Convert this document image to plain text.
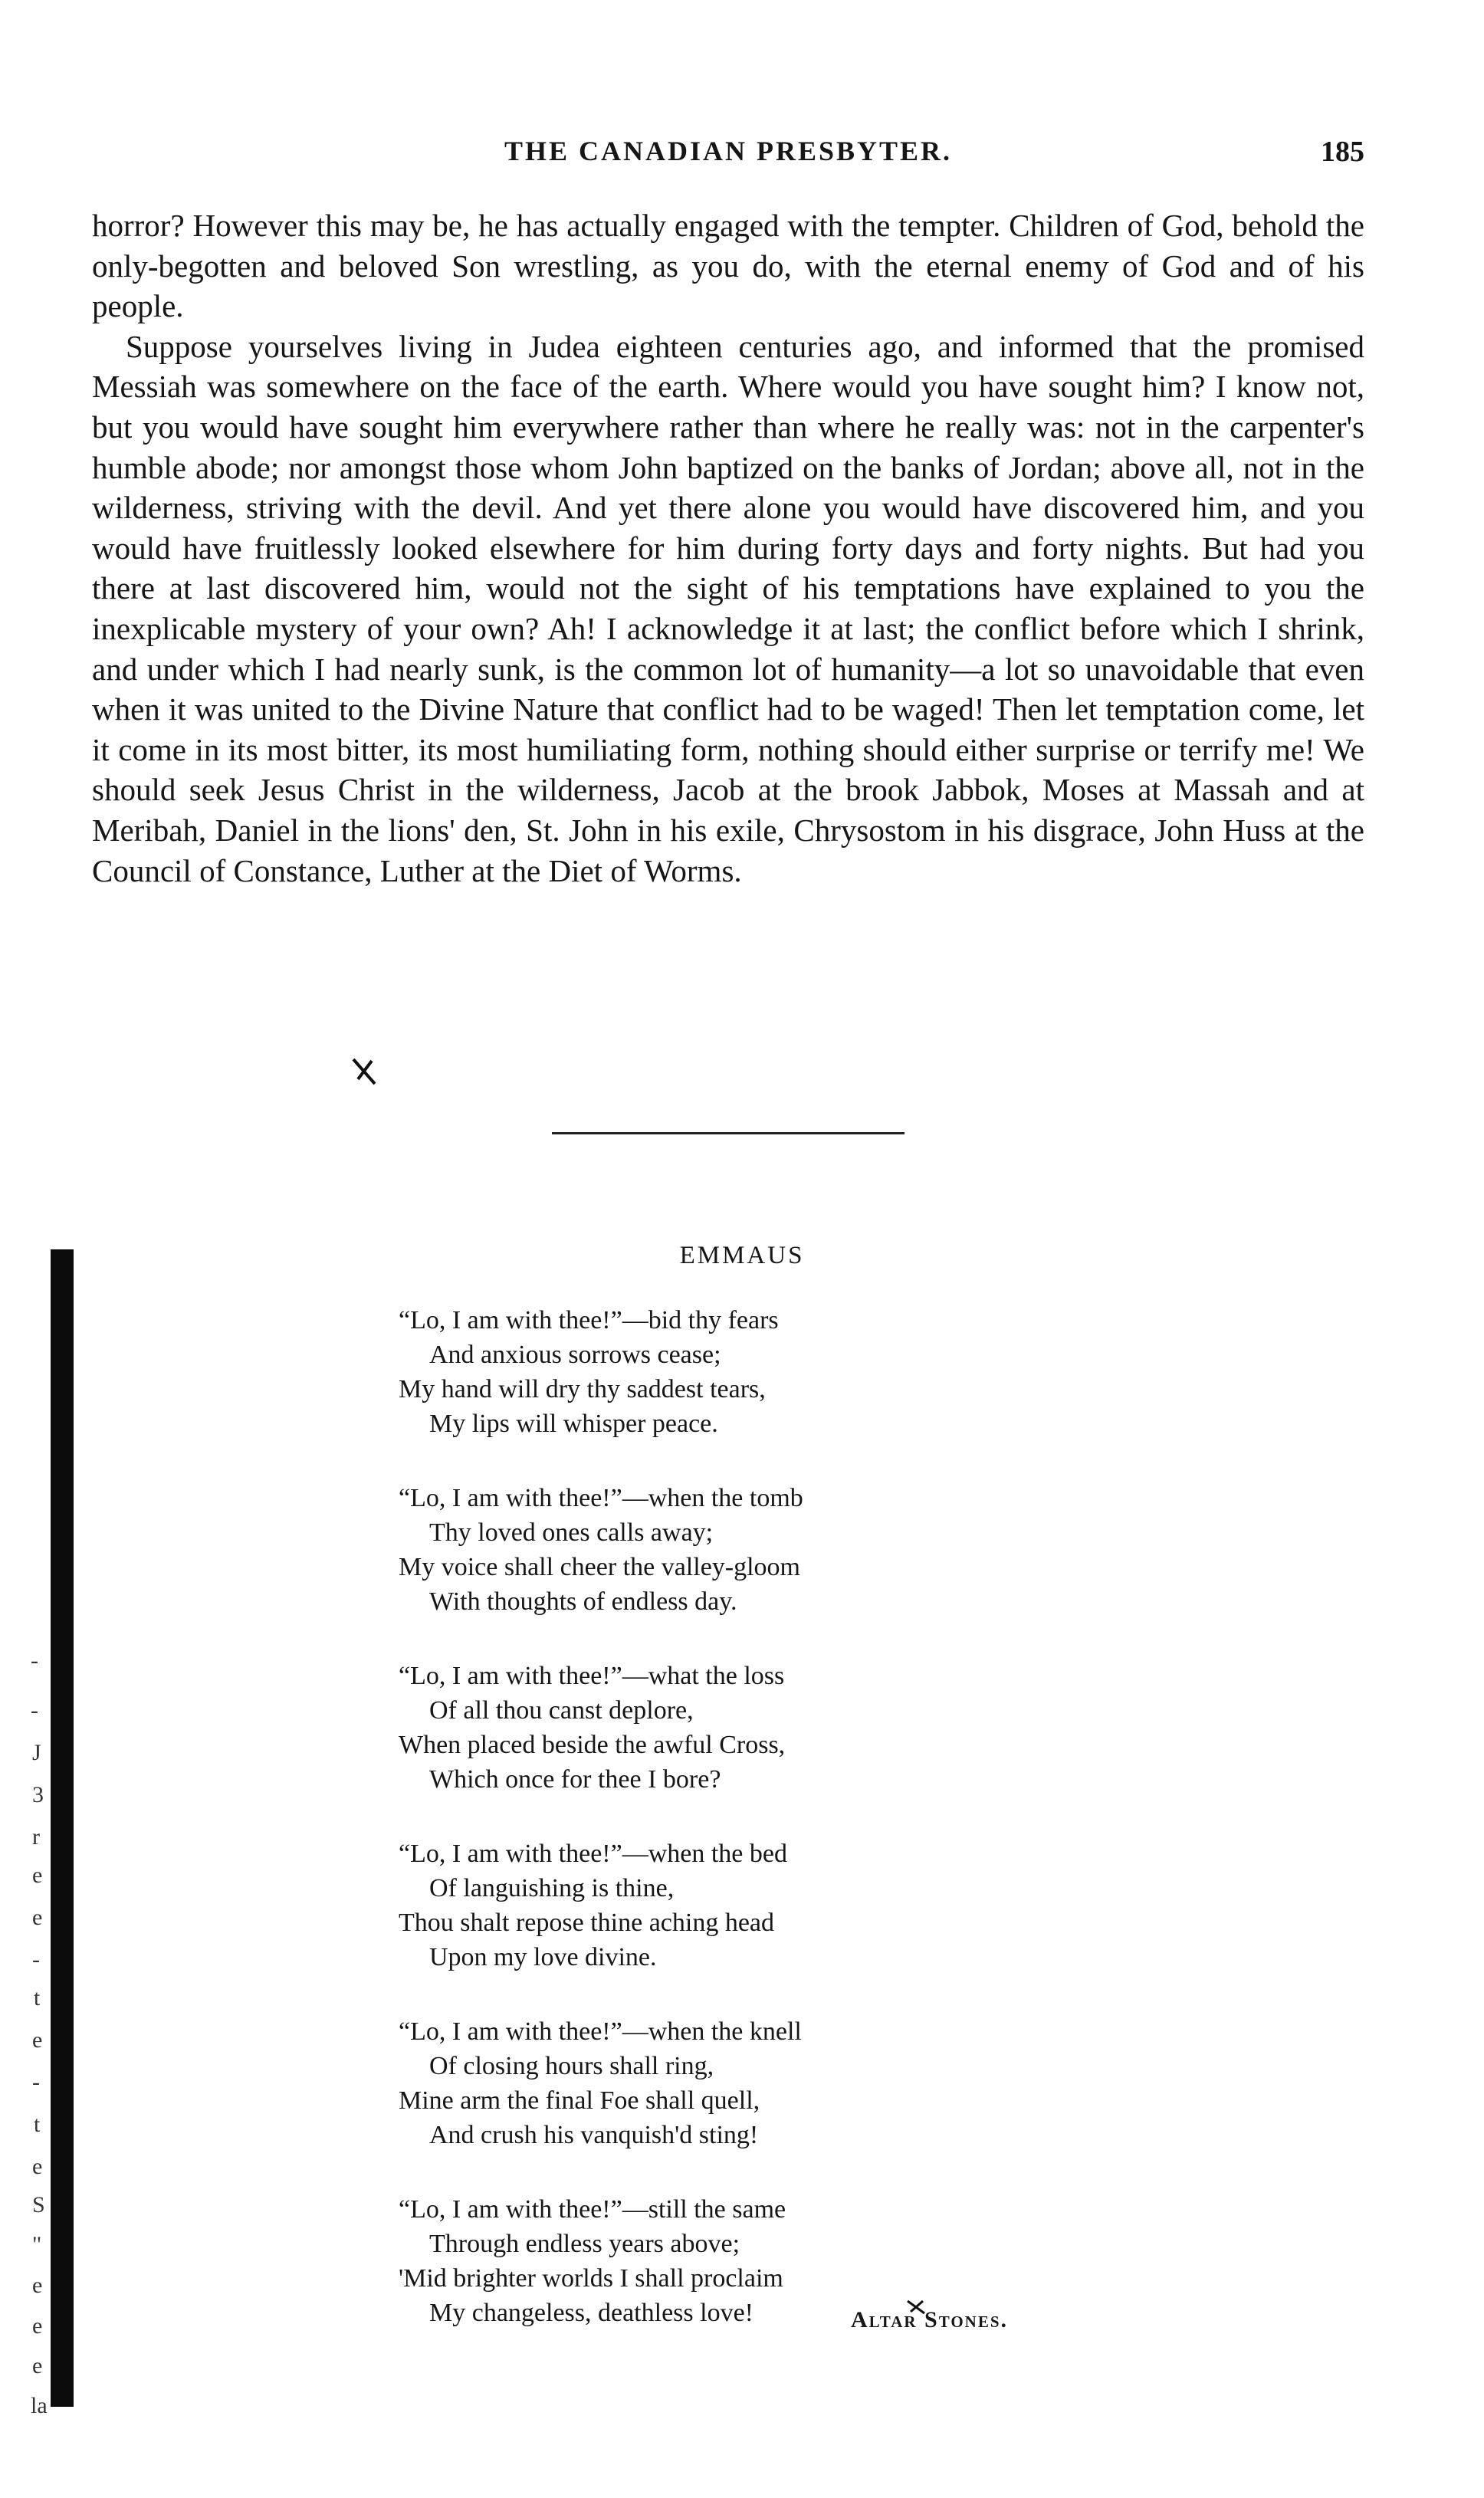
THE CANADIAN PRESBYTER.	185

horror? However this may be, he has actually engaged with the tempter. Children of God, behold the only-begotten and beloved Son wrestling, as you do, with the eternal enemy of God and of his people.

Suppose yourselves living in Judea eighteen centuries ago, and informed that the promised Messiah was somewhere on the face of the earth. Where would you have sought him? I know not, but you would have sought him everywhere rather than where he really was: not in the carpenter's humble abode; nor amongst those whom John baptized on the banks of Jordan; above all, not in the wilderness, striving with the devil. And yet there alone you would have discovered him, and you would have fruitlessly looked elsewhere for him during forty days and forty nights. But had you there at last discovered him, would not the sight of his temptations have explained to you the inexplicable mystery of your own? Ah! I acknowledge it at last; the conflict before which I shrink, and under which I had nearly sunk, is the common lot of humanity—a lot so unavoidable that even when it was united to the Divine Nature that conflict had to be waged! Then let temptation come, let it come in its most bitter, its most humiliating form, nothing should either surprise or terrify me! We should seek Jesus Christ in the wilderness, Jacob at the brook Jabbok, Moses at Massah and at Meribah, Daniel in the lions' den, St. John in his exile, Chrysostom in his disgrace, John Huss at the Council of Constance, Luther at the Diet of Worms.

EMMAUS
“Lo, I am with thee!”—bid thy fears
And anxious sorrows cease;
My hand will dry thy saddest tears,
My lips will whisper peace.
“Lo, I am with thee!”—when the tomb
Thy loved ones calls away;
My voice shall cheer the valley-gloom
With thoughts of endless day.
“Lo, I am with thee!”—what the loss
Of all thou canst deplore,
When placed beside the awful Cross,
Which once for thee I bore?
“Lo, I am with thee!”—when the bed
Of languishing is thine,
Thou shalt repose thine aching head
Upon my love divine.
“Lo, I am with thee!”—when the knell
Of closing hours shall ring,
Mine arm the final Foe shall quell,
And crush his vanquish'd sting!
“Lo, I am with thee!”—still the same
Through endless years above;
'Mid brighter worlds I shall proclaim
My changeless, deathless love!	Altar Stones.
-
-
J
3
r
e
e
-
t
e
-
t
e
S
"
e
e
e
la
